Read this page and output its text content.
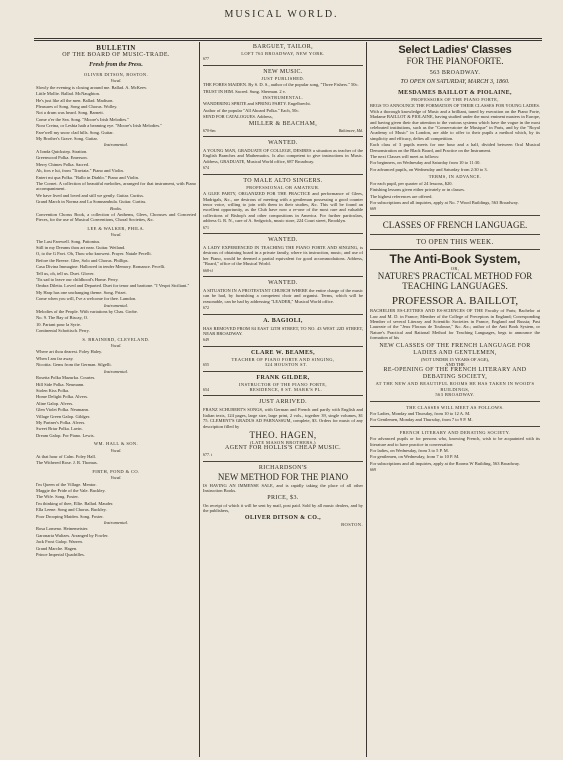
MUSICAL WORLD.
BULLETIN
OF THE BOARD OF MUSIC-TRADE.
Fresh from the Press.
OLIVER DITSON, BOSTON.
Vocal.
Slowly the evening is closing around me. Ballad. A. McKeev.
Little Mollie. Ballad. McNaughton.
He's just like all the men. Ballad. Madison.
Pleasures of Song. Song and Chorus. Wolley.
Not a drum was heard. Song. Barnett.
Come o'er the Sea. Song. "Moore's Irish Melodies."
Nora Creina, or Lesbia hath a beaming eye. "Moore's Irish Melodies."
Fare'well my snow clad hills. Song. Guitar.
My Brother's Grave. Song. Guitar.
Instrumental.
A Ionda Quickstep. Stratton.
Greenwood Polka. Emerson.
Merry Chimes Polka. Sacred.
Ah, fors e lui, from "Traviata." Piano and Violin.
Entert mi qua Polka. "Ballo in Diablo." Piano and Violin.
The Cornet. A collection of beautiful melodies, arranged for that instrument, with Piano accompaniment.
We have lived and loved and still we gently. Guitar. Curtiss.
Grand March in Norma and La Somnambula. Guitar. Curtiss.
Books.
Convention Chorus Book, a collection of Anthems, Glees, Choruses and Concerted Pieces, for the use of Musical Conventions, Choral Societies, &c.
LEE & WALKER, PHILA.
Vocal.
The Last Farewell. Song. Pattonius.
Still in my Dreams thou art near. Guitar. Weiland.
O, to the G Pavi. Oh, Thou who knowest. Prayer. Natale Pecelli.
Before the Breeze. Glee, Solo and Chorus. Phillips.
Casa Divina Immagine. Hallowed in tender Memory. Romance. Pecelli.
Tell us, oh, tell us. Duet. Glover.
'Tis sad to leave our childhood's Home. Perry.
Ombra Diletta. Loved and Departed. Duet for tenor and baritone. "I Vespri Siciliani."
My Harp has one unchanging theme. Song. Prizet.
Come when you will, I've a welcome for thee. Lamdon.
Instrumental.
Melodies of the People. With variations by Chas. Grobe.
No. 9. The Bay of Biscay, O.
10. Partant pour la Syrie.
Continental Schottisch. Perry.
S. BRAINERD, CLEVELAND.
Vocal.
Where art thou dearest. Foley Haley.
When I am far away.
Nicottia. Gems from the German. Silgelli.
Instrumental.
Rosetta Polka Mazurka. Courtes.
Hill Side Polka. Neumann.
Stolen Kiss Polka.
Home Delight Polka. Alvers.
Aline Galop. Alvers.
Glen Violet Polka. Neumann.
Village Green Galop. Gildger.
My Partner's Polka. Alvers.
Sweet Briar Polka. Lavin.
Dream Galop. For Piano. Lewis.
WM. HALL & SON.
Vocal.
At that hour of Calm. Foley Hall.
The Withered Rose. J. R. Thomas.
FIRTH, POND & CO.
Vocal.
I'm Queen of the Village. Mentor.
Maggie the Pride of the Vale. Buckley.
The Wife. Song. Foster.
I'm thinking of thee, Ellie. Ballad. Mauder.
Ella Leene. Song and Chorus. Buckley.
Poor Drooping Maiden. Song. Foster.
Instrumental.
Rosa Lomeno. Heinemeister.
Garonaria Waltzes. Arranged by Fowler.
Jack Frost Galop. Warren.
Grand Marche. Hagen.
Prince Imperial Quadrilles.
BARGUET, TAILOR,
LOFT 763 BROADWAY, NEW YORK.
677
NEW MUSIC.
JUST PUBLISHED.
THE FORES MAIDEN. By S. D. S., author of the popular song, "Three Fishers." 50c.
TRUST IN HIM. Sacred. Sung. Sherman. 2 v.
INSTRUMENTAL.
WANDERING SPRITE and SPRING PARTY. Engelbrecht.
Author of the popular "All Aboard Polka." Each, 50c.
SEND FOR CATALOGUES. Address,
MILLER & BEACHAM,
670-6m	Baltimore, Md.
WANTED.
A YOUNG MAN, GRADUATE OF COLLEGE, DESIRES a situation as teacher of the English Branches and Mathematics. Is also competent to give instructions in Music. Address, GRADUATE, Musical World office, 687 Broadway.
674
TO MALE ALTO SINGERS.
PROFESSIONAL OR AMATEUR.
A GLEE PARTY, ORGANIZED FOR THE PRACTICE and performance of Glees, Madrigals, &c., are desirous of meeting with a gentleman possessing a good counter tenor voice, willing to join with them in their studies, &c. This will be found an excellent opportunity, as the Club have now a re-one of the most rare and valuable collections of Bishop's and other compositions in America. For further particulars, address G. R. N., care of A. Sedgwick, music store, 224 Court street, Brooklyn.
671
WANTED.
A LADY EXPERIENCED IN TEACHING THE PIANO FORTE AND SINGING, is desirous of obtaining board in a private family, where its instruction, music, and use of her Piano, would be deemed a partial equivalent for good accommodations. Address, "Board," office of the Musical World.
668-tf
WANTED.
A SITUATION IN A PROTESTANT CHURCH WHERE the entire charge of the music can be had, by furnishing a competent choir and organist. Terms, which will be reasonable, can be had by addressing "LEADER," Musical World office.
672
A. BAGIOLI,
HAS REMOVED FROM 84 EAST 12TH STREET, TO NO. 43 WEST 22D STREET, NEAR BROADWAY.
649
CLARE W. BEAMES,
TEACHER OF PIANO FORTE AND SINGING,
655	324 HOUSTON ST.
FRANK GILDER,
INSTRUCTOR OF THE PIANO FORTE,
654	RESIDENCE, 8 ST. MARK'S PL.
JUST ARRIVED.
FRANZ SCHUBERT'S SONGS, with German and French and partly with English and Italian texts, 124 pages, large size, large print, 2 vols., together 39, single volumes, $1 75. CLEMENT'S GRADUS AD PARNASSUM, complete, $3. Orders for music of any description filled by
THEO. HAGEN,
(LATE MASON BROTHERS,)
AGENT FOR HOLLIS'S CHEAP MUSIC.
677. t
RICHARDSON'S
NEW METHOD FOR THE PIANO
IS HAVING AN IMMENSE SALE, and is rapidly taking the place of all other Instruction Books.
PRICE, $3.
On receipt of which it will be sent by mail, post paid. Sold by all music dealers, and by the publishers,
OLIVER DITSON & CO.,
BOSTON.
Select Ladies' Classes
FOR THE PIANOFORTE.
563 BROADWAY.
TO OPEN ON SATURDAY, MARCH 3, 1860.
MESDAMES BAILLOT & PIOLAINE,
PROFESSORS OF THE PIANO FORTE,
BEGS TO ANNOUNCE THE FORMATION OF THEIR CLASSES FOR YOUNG LADIES. With a thorough knowledge of Music and a brilliant, tuned by execution on the Piano Forte, Madame BAILLOT & PIOLAINE, having studied under the most eminent masters in Europe, and having given their due attention to the various systems which have the vogue in the most celebrated institutions, such as the "Conservatoire de Musique" in Paris, and by the "Royal Academy of Music" in London, are able to offer to their pupils a method which, by its simplicity and efficacy, defies all competition.
Each class of 3 pupils meets for one hour and a half, divided between Oral Musical Demonstration on the Black Board, and Practice on the Instrument.
The next Classes will meet as follows:
For beginners, on Wednesday and Saturday from 10 to 11:30.
For advanced pupils, on Wednesday and Saturday from 2:30 to 3.
TERMS, IN ADVANCE.
For each pupil, per quarter of 24 lessons, $20.
Finishing lessons given either privately or in classes.
The highest references are offered.
For subscriptions and all inquiries, apply at No. 7 Wood Buildings, 563 Broadway.
669
CLASSES OF FRENCH LANGUAGE.
TO OPEN THIS WEEK.
The Anti-Book System,
OR,
NATURE'S PRACTICAL METHOD FOR TEACHING LANGUAGES.
PROFESSOR A. BAILLOT,
BACHELIER ES-LETTRES AND ES-SCIENCES OF THE Faculty of Paris; Bachelor at Law and M. D. in France; Member of the College of Preceptors in England; Corresponding Member of several Literary and Scientific Societies in France, England and Russia; Past Laureate of the "Jeux Floraux de Toulouse," &c. &c.; author of the Anti Book System, or Nature's Practical and Rational Method for Teaching Languages, begs to announce the formation of his
NEW CLASSES OF THE FRENCH LANGUAGE FOR LADIES AND GENTLEMEN,
(NOT UNDER 15 YEARS OF AGE),
AND THE
RE-OPENING OF THE FRENCH LITERARY AND DEBATING SOCIETY,
AT THE NEW AND BEAUTIFUL ROOMS HE HAS TAKEN IN WOOD'S BUILDINGS,
563 BROADWAY.
THE CLASSES WILL MEET AS FOLLOWS.
For Ladies, Monday and Thursday, from 10 to 12 A. M.
For Gentlemen, Monday and Thursday, from 7 to 9 P. M.
FRENCH LITERARY AND DEBATING SOCIETY.
For advanced pupils or for persons who, knowing French, wish to be acquainted with its literature and to have practice in conversation:
For ladies, on Wednesday, from 3 to 5 P. M.
For gentlemen, on Wednesday, from 7 to 10 P. M.
For subscriptions and all inquiries, apply at the Rooms W Building, 563 Broadway.
669
